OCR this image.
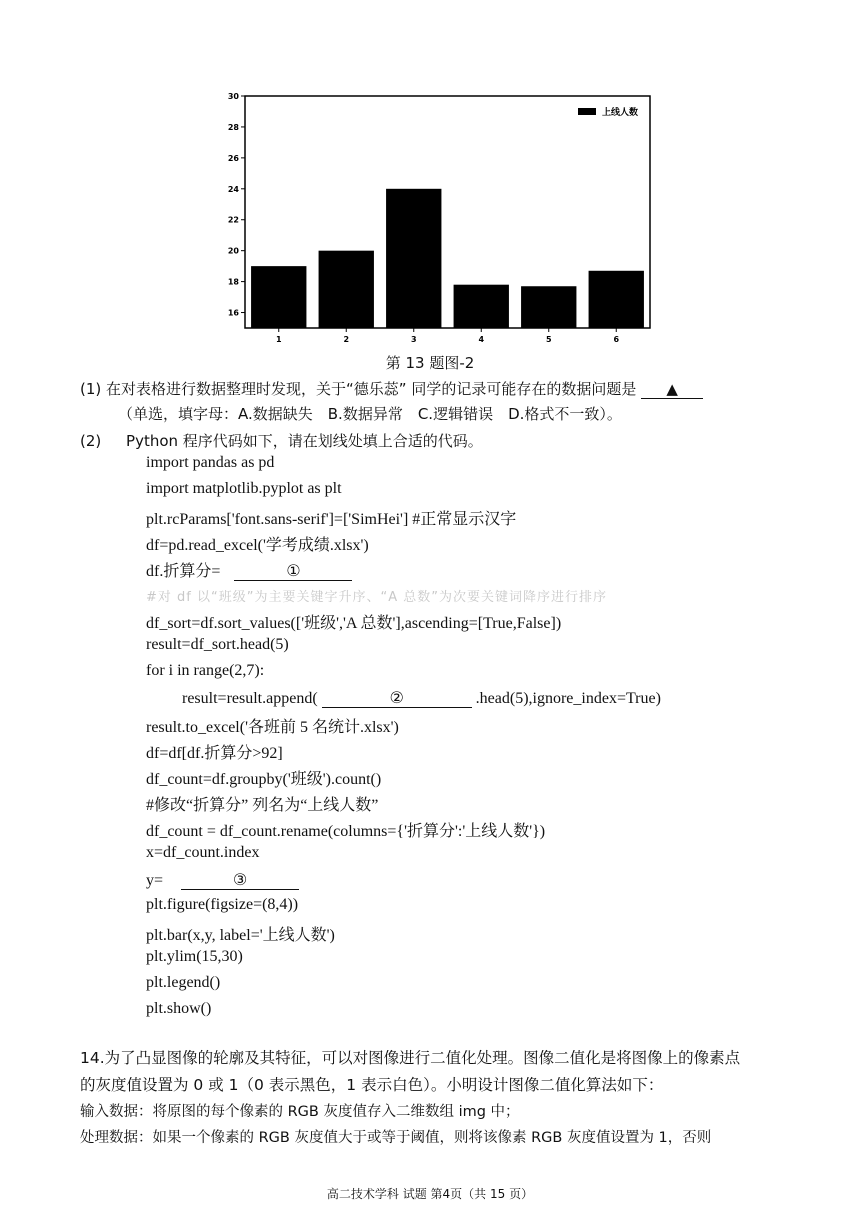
16
18
20
22
24
26
28
30
1	2	3	4	5	6
上线人数
第 13 题图-2
(1) 在对表格进行数据整理时发现，关于“德乐蕊” 同学的记录可能存在的数据问题是 ▲
（单选，填字母：A.数据缺失　B.数据异常　C.逻辑错误　D.格式不一致）。
(2) Python 程序代码如下，请在划线处填上合适的代码。
import pandas as pd
import matplotlib.pyplot as plt
plt.rcParams['font.sans-serif']=['SimHei'] #正常显示汉字
df=pd.read_excel('学考成绩.xlsx')
df.折算分=	①
#对 df 以“班级”为主要关键字升序、“A 总数”为次要关键词降序进行排序
df_sort=df.sort_values(['班级','A 总数'],ascending=[True,False])
result=df_sort.head(5)
for i in range(2,7):
result=result.append(	②	.head(5),ignore_index=True)
result.to_excel('各班前 5 名统计.xlsx')
df=df[df.折算分>92]
df_count=df.groupby('班级').count()
#修改“折算分” 列名为“上线人数”
df_count = df_count.rename(columns={'折算分':'上线人数'})
x=df_count.index
y=	③
plt.figure(figsize=(8,4))
plt.bar(x,y, label='上线人数')
plt.ylim(15,30)
plt.legend()
plt.show()
14.为了凸显图像的轮廓及其特征，可以对图像进行二值化处理。图像二值化是将图像上的像素点
的灰度值设置为 0 或 1（0 表示黑色，1 表示白色）。小明设计图像二值化算法如下：
输入数据：将原图的每个像素的 RGB 灰度值存入二维数组 img 中；
处理数据：如果一个像素的 RGB 灰度值大于或等于阈值，则将该像素 RGB 灰度值设置为 1，否则
高二技术学科 试题 第4页（共 15 页）
